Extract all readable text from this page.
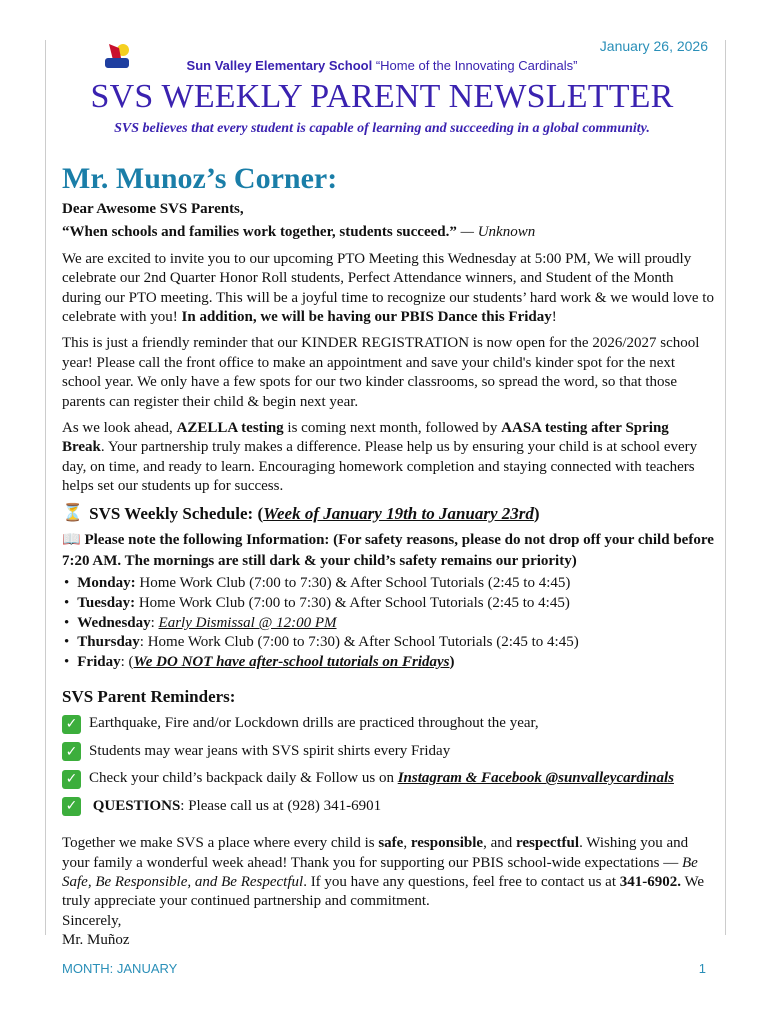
January 26, 2026
Sun Valley Elementary School “Home of the Innovating Cardinals”
SVS WEEKLY PARENT NEWSLETTER
SVS believes that every student is capable of learning and succeeding in a global community.
Mr. Munoz’s Corner:

Dear Awesome SVS Parents,

“When schools and families work together, students succeed.” — Unknown

We are excited to invite you to our upcoming PTO Meeting this Wednesday at 5:00 PM, We will proudly celebrate our 2nd Quarter Honor Roll students, Perfect Attendance winners, and Student of the Month during our PTO meeting. This will be a joyful time to recognize our students’ hard work & we would love to celebrate with you! In addition, we will be having our PBIS Dance this Friday!

This is just a friendly reminder that our KINDER REGISTRATION is now open for the 2026/2027 school year! Please call the front office to make an appointment and save your child's kinder spot for the next school year. We only have a few spots for our two kinder classrooms, so spread the word, so that those parents can register their child & begin next year.

As we look ahead, AZELLA testing is coming next month, followed by AASA testing after Spring Break. Your partnership truly makes a difference. Please help us by ensuring your child is at school every day, on time, and ready to learn. Encouraging homework completion and staying connected with teachers helps set our students up for success.

⏳ SVS Weekly Schedule: (Week of January 19th to January 23rd)

📖 Please note the following Information: (For safety reasons, please do not drop off your child before 7:20 AM. The mornings are still dark & your child’s safety remains our priority)

• Monday: Home Work Club (7:00 to 7:30) & After School Tutorials (2:45 to 4:45)
• Tuesday: Home Work Club (7:00 to 7:30) & After School Tutorials (2:45 to 4:45)
• Wednesday: Early Dismissal @ 12:00 PM
• Thursday: Home Work Club (7:00 to 7:30) & After School Tutorials (2:45 to 4:45)
• Friday: (We DO NOT have after-school tutorials on Fridays)
SVS Parent Reminders:
✓ Earthquake, Fire and/or Lockdown drills are practiced throughout the year,
✓ Students may wear jeans with SVS spirit shirts every Friday
✓ Check your child’s backpack daily & Follow us on Instagram & Facebook @sunvalleycardinals
✓ QUESTIONS: Please call us at (928) 341-6901

Together we make SVS a place where every child is safe, responsible, and respectful. Wishing you and your family a wonderful week ahead! Thank you for supporting our PBIS school-wide expectations — Be Safe, Be Responsible, and Be Respectful. If you have any questions, feel free to contact us at 341-6902. We truly appreciate your continued partnership and commitment.

Sincerely,
Mr. Muñoz
MONTH: JANUARY	1
